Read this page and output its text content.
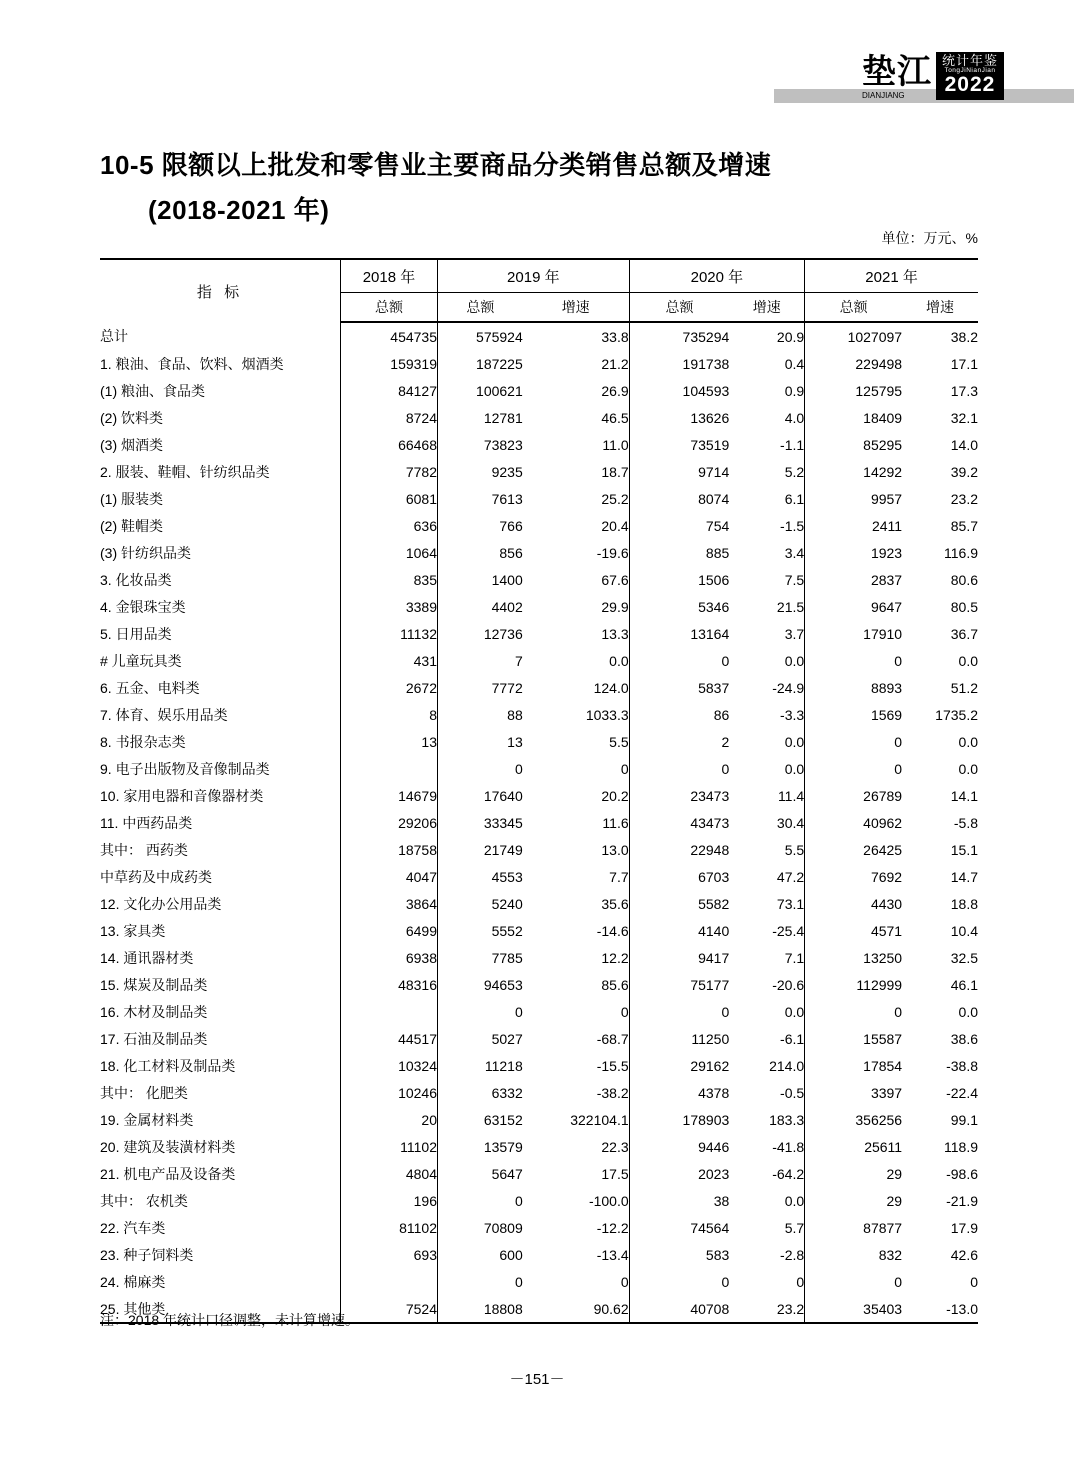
垫江
DIANJIANG
统计年鉴
TongJiNianJian
2022
10-5 限额以上批发和零售业主要商品分类销售总额及增速
(2018-2021 年)
单位：万元、%
指 标	2018 年	2019 年		2020 年		2021 年	
	总额	总额	增速	总额	增速	总额	增速
总计	454735	575924	33.8	735294	20.9	1027097	38.2
1. 粮油、食品、饮料、烟酒类	159319	187225	21.2	191738	0.4	229498	17.1
(1) 粮油、食品类	84127	100621	26.9	104593	0.9	125795	17.3
(2) 饮料类	8724	12781	46.5	13626	4.0	18409	32.1
(3) 烟酒类	66468	73823	11.0	73519	-1.1	85295	14.0
2. 服装、鞋帽、针纺织品类	7782	9235	18.7	9714	5.2	14292	39.2
(1) 服装类	6081	7613	25.2	8074	6.1	9957	23.2
(2) 鞋帽类	636	766	20.4	754	-1.5	2411	85.7
(3) 针纺织品类	1064	856	-19.6	885	3.4	1923	116.9
3. 化妆品类	835	1400	67.6	1506	7.5	2837	80.6
4. 金银珠宝类	3389	4402	29.9	5346	21.5	9647	80.5
5. 日用品类	11132	12736	13.3	13164	3.7	17910	36.7
# 儿童玩具类	431	7	0.0	0	0.0	0	0.0
6. 五金、电料类	2672	7772	124.0	5837	-24.9	8893	51.2
7. 体育、娱乐用品类	8	88	1033.3	86	-3.3	1569	1735.2
8. 书报杂志类	13	13	5.5	2	0.0	0	0.0
9. 电子出版物及音像制品类		0	0	0	0.0	0	0.0
10. 家用电器和音像器材类	14679	17640	20.2	23473	11.4	26789	14.1
11. 中西药品类	29206	33345	11.6	43473	30.4	40962	-5.8
其中： 西药类	18758	21749	13.0	22948	5.5	26425	15.1
中草药及中成药类	4047	4553	7.7	6703	47.2	7692	14.7
12. 文化办公用品类	3864	5240	35.6	5582	73.1	4430	18.8
13. 家具类	6499	5552	-14.6	4140	-25.4	4571	10.4
14. 通讯器材类	6938	7785	12.2	9417	7.1	13250	32.5
15. 煤炭及制品类	48316	94653	85.6	75177	-20.6	112999	46.1
16. 木材及制品类		0	0	0	0.0	0	0.0
17. 石油及制品类	44517	5027	-68.7	11250	-6.1	15587	38.6
18. 化工材料及制品类	10324	11218	-15.5	29162	214.0	17854	-38.8
其中： 化肥类	10246	6332	-38.2	4378	-0.5	3397	-22.4
19. 金属材料类	20	63152	322104.1	178903	183.3	356256	99.1
20. 建筑及装潢材料类	11102	13579	22.3	9446	-41.8	25611	118.9
21. 机电产品及设备类	4804	5647	17.5	2023	-64.2	29	-98.6
其中： 农机类	196	0	-100.0	38	0.0	29	-21.9
22. 汽车类	81102	70809	-12.2	74564	5.7	87877	17.9
23. 种子饲料类	693	600	-13.4	583	-2.8	832	42.6
24. 棉麻类		0	0	0	0	0	0
25. 其他类	7524	18808	90.62	40708	23.2	35403	-13.0
注：2018 年统计口径调整，未计算增速。
－151－
